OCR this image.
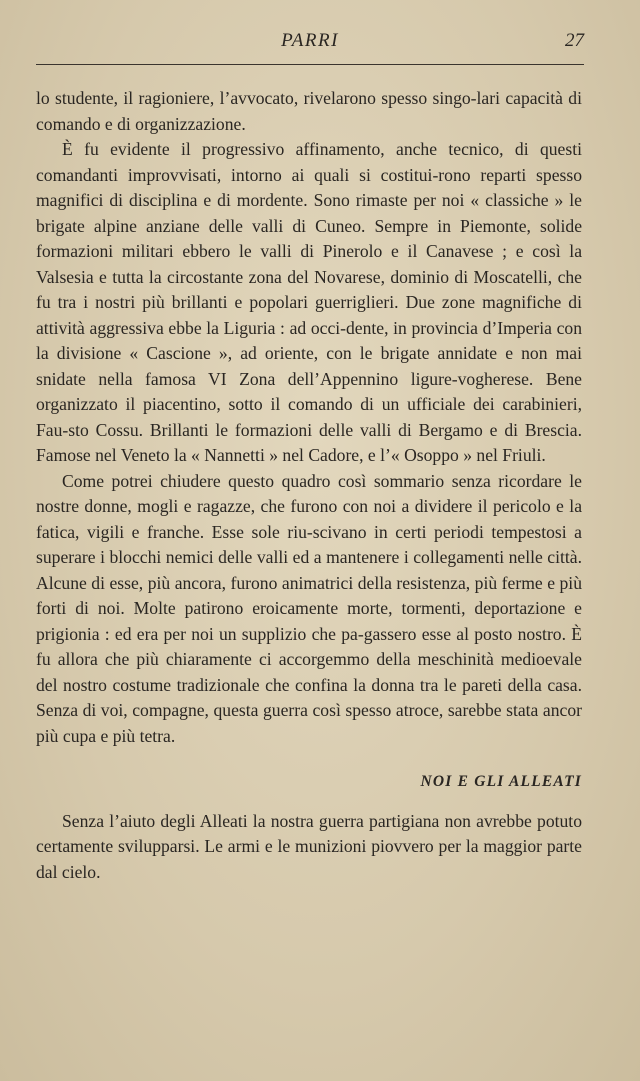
PARRI	27

lo studente, il ragioniere, l’avvocato, rivelarono spesso singo-lari capacità di comando e di organizzazione.

È fu evidente il progressivo affinamento, anche tecnico, di questi comandanti improvvisati, intorno ai quali si costitui-rono reparti spesso magnifici di disciplina e di mordente. Sono rimaste per noi « classiche » le brigate alpine anziane delle valli di Cuneo. Sempre in Piemonte, solide formazioni militari ebbero le valli di Pinerolo e il Canavese ; e così la Valsesia e tutta la circostante zona del Novarese, dominio di Moscatelli, che fu tra i nostri più brillanti e popolari guerriglieri. Due zone magnifiche di attività aggressiva ebbe la Liguria : ad occi-dente, in provincia d’Imperia con la divisione « Cascione », ad oriente, con le brigate annidate e non mai snidate nella famosa VI Zona dell’Appennino ligure-vogherese. Bene organizzato il piacentino, sotto il comando di un ufficiale dei carabinieri, Fau-sto Cossu. Brillanti le formazioni delle valli di Bergamo e di Brescia. Famose nel Veneto la « Nannetti » nel Cadore, e l’« Osoppo » nel Friuli.

Come potrei chiudere questo quadro così sommario senza ricordare le nostre donne, mogli e ragazze, che furono con noi a dividere il pericolo e la fatica, vigili e franche. Esse sole riu-scivano in certi periodi tempestosi a superare i blocchi nemici delle valli ed a mantenere i collegamenti nelle città. Alcune di esse, più ancora, furono animatrici della resistenza, più ferme e più forti di noi. Molte patirono eroicamente morte, tormenti, deportazione e prigionia : ed era per noi un supplizio che pa-gassero esse al posto nostro. È fu allora che più chiaramente ci accorgemmo della meschinità medioevale del nostro costume tradizionale che confina la donna tra le pareti della casa. Senza di voi, compagne, questa guerra così spesso atroce, sarebbe stata ancor più cupa e più tetra.

NOI E GLI ALLEATI

Senza l’aiuto degli Alleati la nostra guerra partigiana non avrebbe potuto certamente svilupparsi. Le armi e le munizioni piovvero per la maggior parte dal cielo.
